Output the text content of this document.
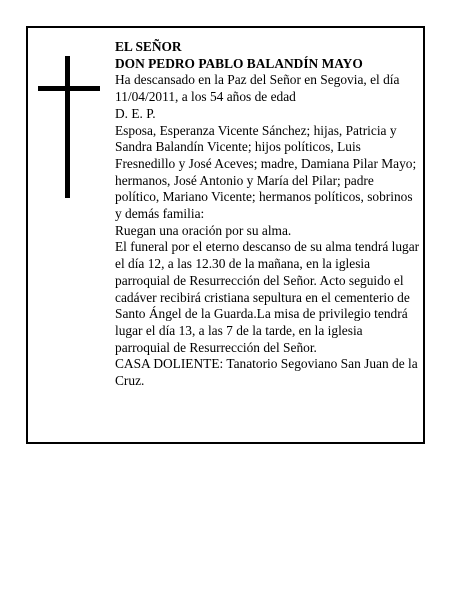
EL SEÑOR

DON PEDRO PABLO BALANDÍN MAYO

Ha descansado en la Paz del Señor en Segovia, el día 11/04/2011, a los 54 años de edad

D. E. P.

Esposa, Esperanza Vicente Sánchez; hijas, Patricia y Sandra Balandín Vicente; hijos políticos, Luis Fresnedillo y José Aceves; madre, Damiana Pilar Mayo; hermanos, José Antonio y María del Pilar; padre político, Mariano Vicente; hermanos políticos, sobrinos y demás familia:

Ruegan una oración por su alma.

El funeral por el eterno descanso de su alma tendrá lugar el día 12, a las 12.30 de la mañana, en la iglesia parroquial de Resurrección del Señor. Acto seguido el cadáver recibirá cristiana sepultura en el cementerio de Santo Ángel de la Guarda.La misa de privilegio tendrá lugar el día 13, a las 7 de la tarde, en la iglesia parroquial de Resurrección del Señor.

CASA DOLIENTE: Tanatorio Segoviano San Juan de la Cruz.
